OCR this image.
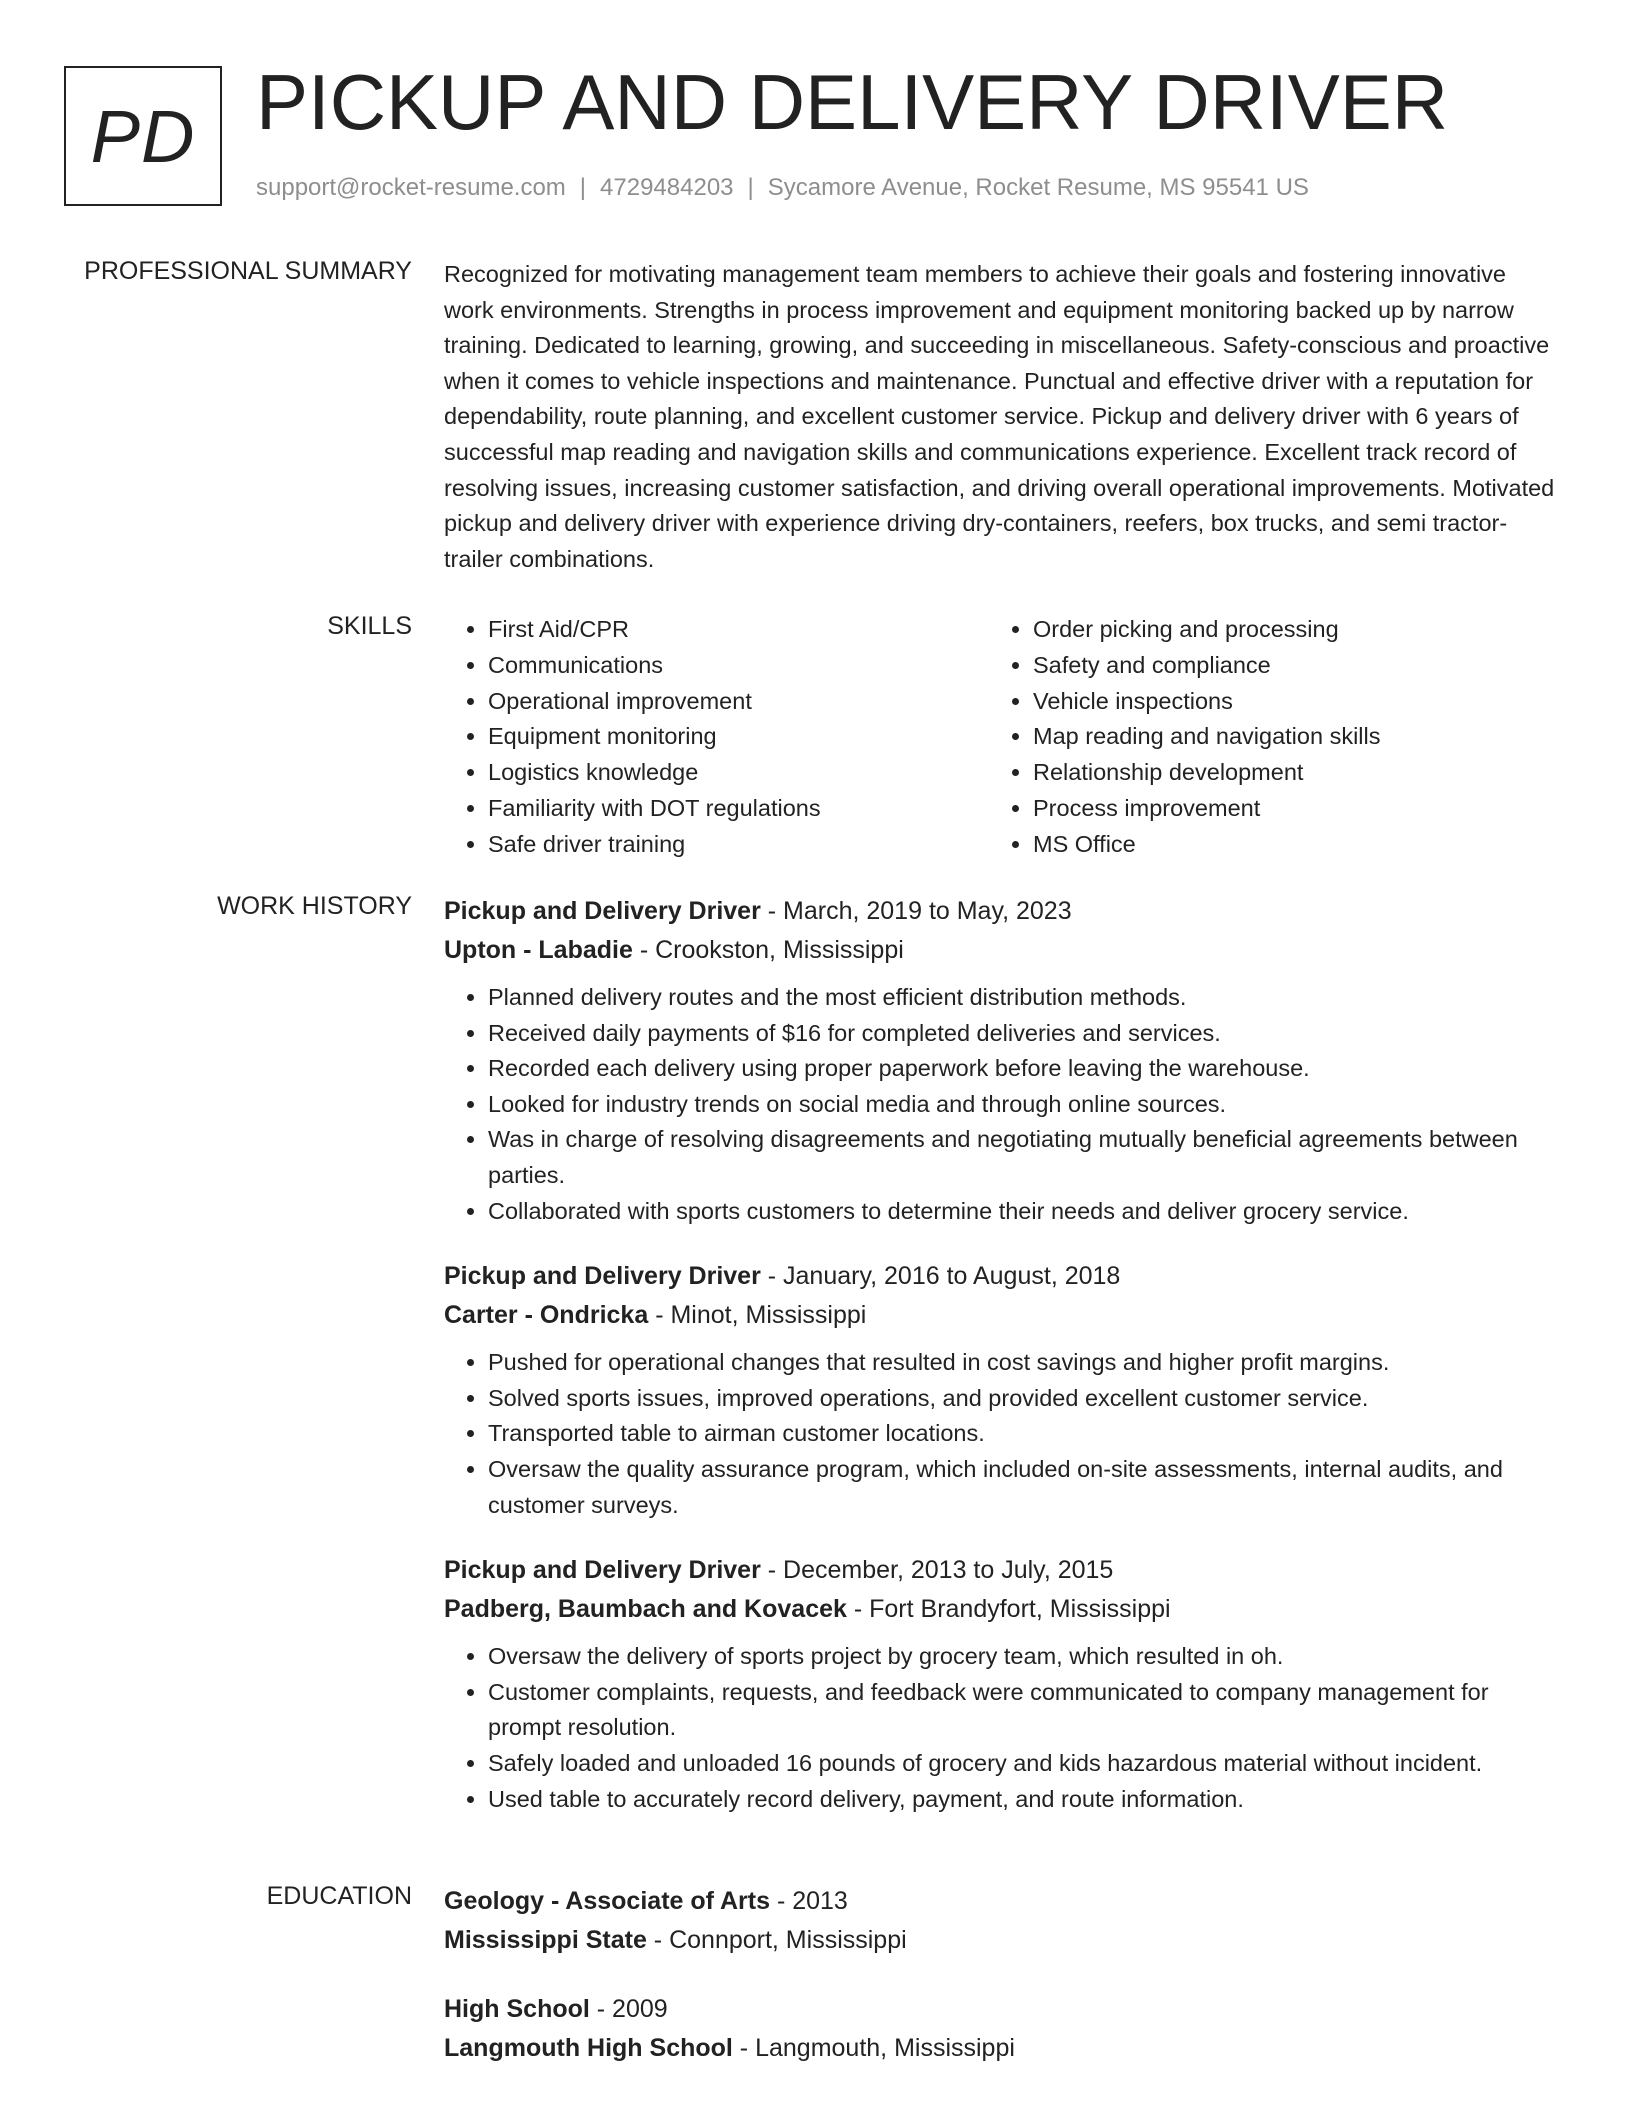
PD PICKUP AND DELIVERY DRIVER
support@rocket-resume.com | 4729484203 | Sycamore Avenue, Rocket Resume, MS 95541 US
PROFESSIONAL SUMMARY Recognized for motivating management team members to achieve their goals and fostering innovative work environments. Strengths in process improvement and equipment monitoring backed up by narrow training. Dedicated to learning, growing, and succeeding in miscellaneous. Safety-conscious and proactive when it comes to vehicle inspections and maintenance. Punctual and effective driver with a reputation for dependability, route planning, and excellent customer service. Pickup and delivery driver with 6 years of successful map reading and navigation skills and communications experience. Excellent track record of resolving issues, increasing customer satisfaction, and driving overall operational improvements. Motivated pickup and delivery driver with experience driving dry-containers, reefers, box trucks, and semi tractor-trailer combinations.

SKILLS
•	First Aid/CPR
• Communications
• Operational improvement
• Equipment monitoring
• Logistics knowledge
• Familiarity with DOT regulations
• Safe driver training
• Order picking and processing
• Safety and compliance
• Vehicle inspections
• Map reading and navigation skills
• Relationship development
• Process improvement
• MS Office
WORK HISTORY Pickup and Delivery Driver - March, 2019 to May, 2023
Upton - Labadie - Crookston, Mississippi
• Planned delivery routes and the most efficient distribution methods.
• Received daily payments of $16 for completed deliveries and services.
• Recorded each delivery using proper paperwork before leaving the warehouse.
• Looked for industry trends on social media and through online sources.
• Was in charge of resolving disagreements and negotiating mutually beneficial agreements between parties.
• Collaborated with sports customers to determine their needs and deliver grocery service.
Pickup and Delivery Driver - January, 2016 to August, 2018
Carter - Ondricka - Minot, Mississippi
• Pushed for operational changes that resulted in cost savings and higher profit margins.
• Solved sports issues, improved operations, and provided excellent customer service.
• Transported table to airman customer locations.
• Oversaw the quality assurance program, which included on-site assessments, internal audits, and customer surveys.
Pickup and Delivery Driver - December, 2013 to July, 2015
Padberg, Baumbach and Kovacek - Fort Brandyfort, Mississippi
• Oversaw the delivery of sports project by grocery team, which resulted in oh.
• Customer complaints, requests, and feedback were communicated to company management for prompt resolution.
• Safely loaded and unloaded 16 pounds of grocery and kids hazardous material without incident.
• Used table to accurately record delivery, payment, and route information.
EDUCATION Geology - Associate of Arts - 2013
Mississippi State - Connport, Mississippi
High School - 2009
Langmouth High School - Langmouth, Mississippi
